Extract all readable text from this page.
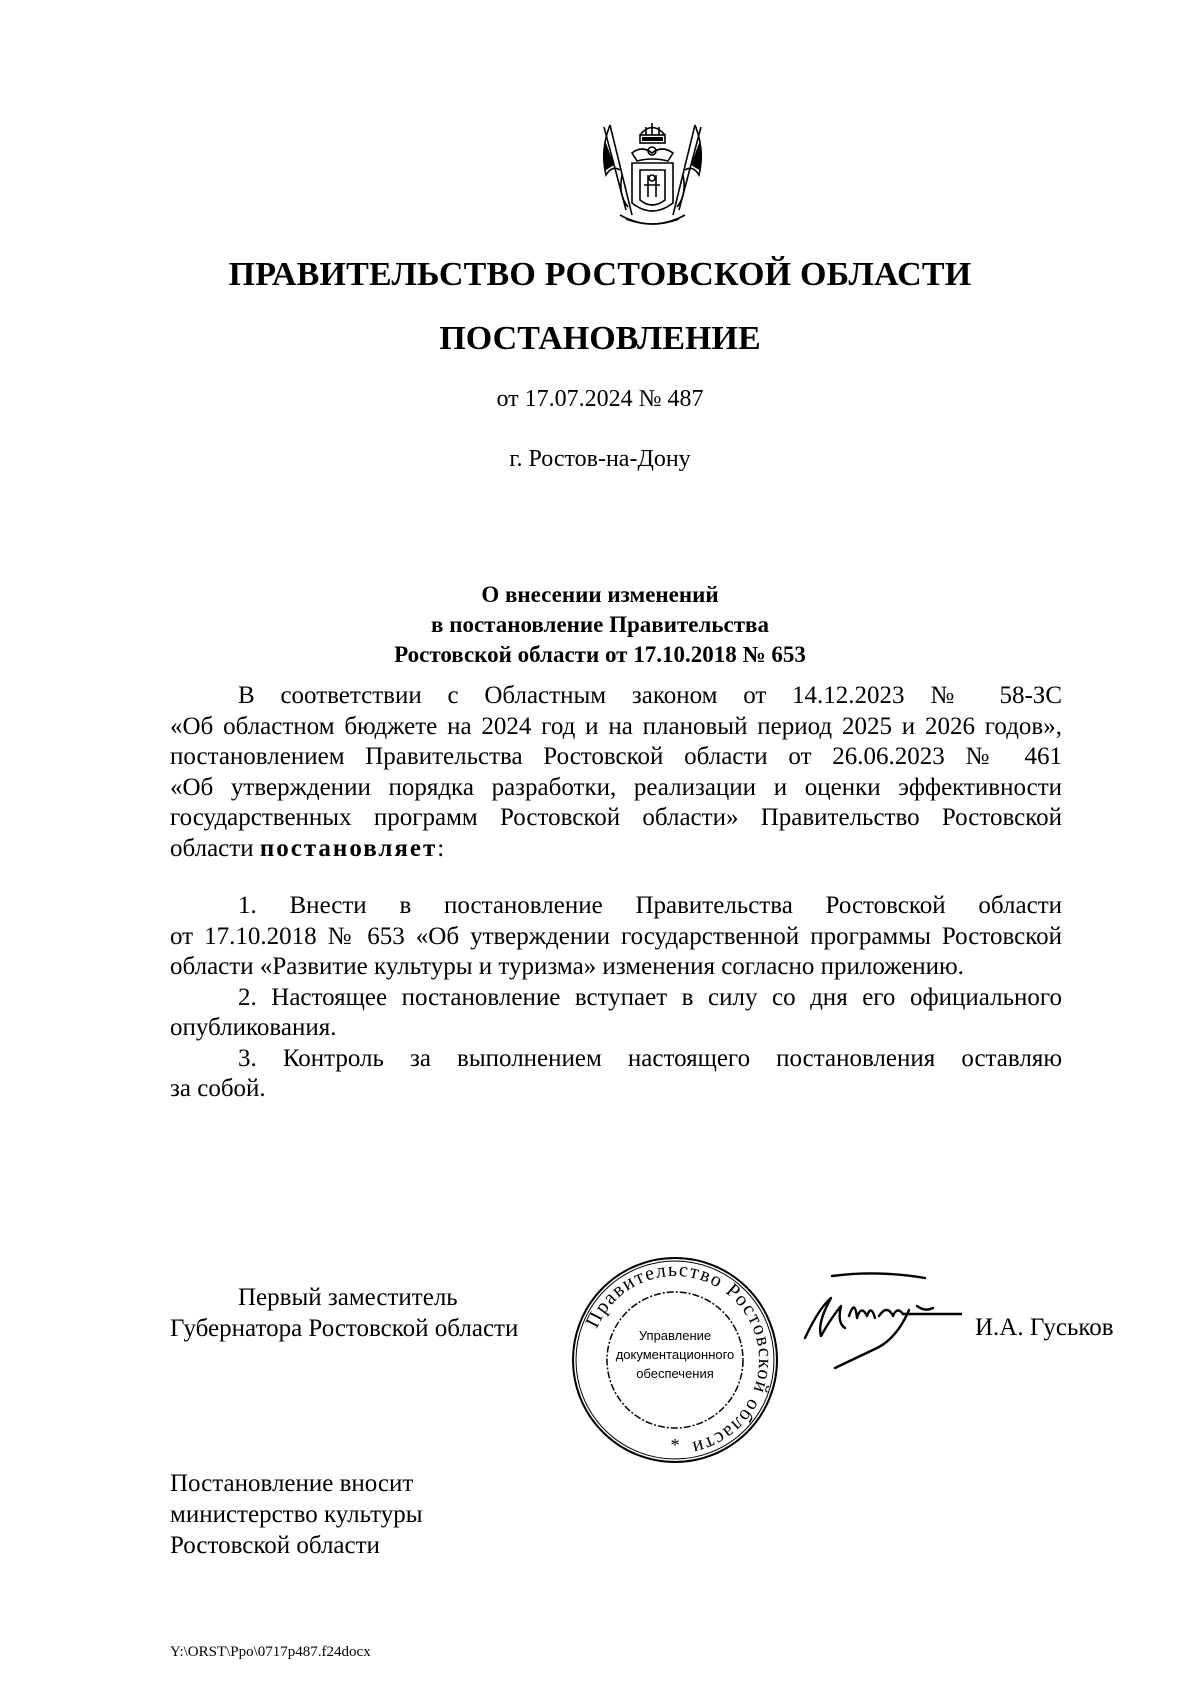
ПРАВИТЕЛЬСТВО РОСТОВСКОЙ ОБЛАСТИ
ПОСТАНОВЛЕНИЕ
от 17.07.2024 № 487
г. Ростов-на-Дону
О внесении изменений
в постановление Правительства
Ростовской области от 17.10.2018 № 653
В соответствии с Областным законом от 14.12.2023 № 58-ЗС
«Об областном бюджете на 2024 год и на плановый период 2025 и 2026 годов»,
постановлением Правительства Ростовской области от 26.06.2023 № 461
«Об утверждении порядка разработки, реализации и оценки эффективности
государственных программ Ростовской области» Правительство Ростовской
области постановляет:
1. Внести в постановление Правительства Ростовской области
от 17.10.2018 № 653 «Об утверждении государственной программы Ростовской
области «Развитие культуры и туризма» изменения согласно приложению.
2. Настоящее постановление вступает в силу со дня его официального
опубликования.
3. Контроль за выполнением настоящего постановления оставляю
за собой.
Первый заместитель
Губернатора Ростовской области	Правительство Ростовской области
Управление
документационного
обеспечения
*
И.А. Гуськов
Постановление вносит
министерство культуры
Ростовской области
Y:\ORST\Ppo\0717p487.f24docx
